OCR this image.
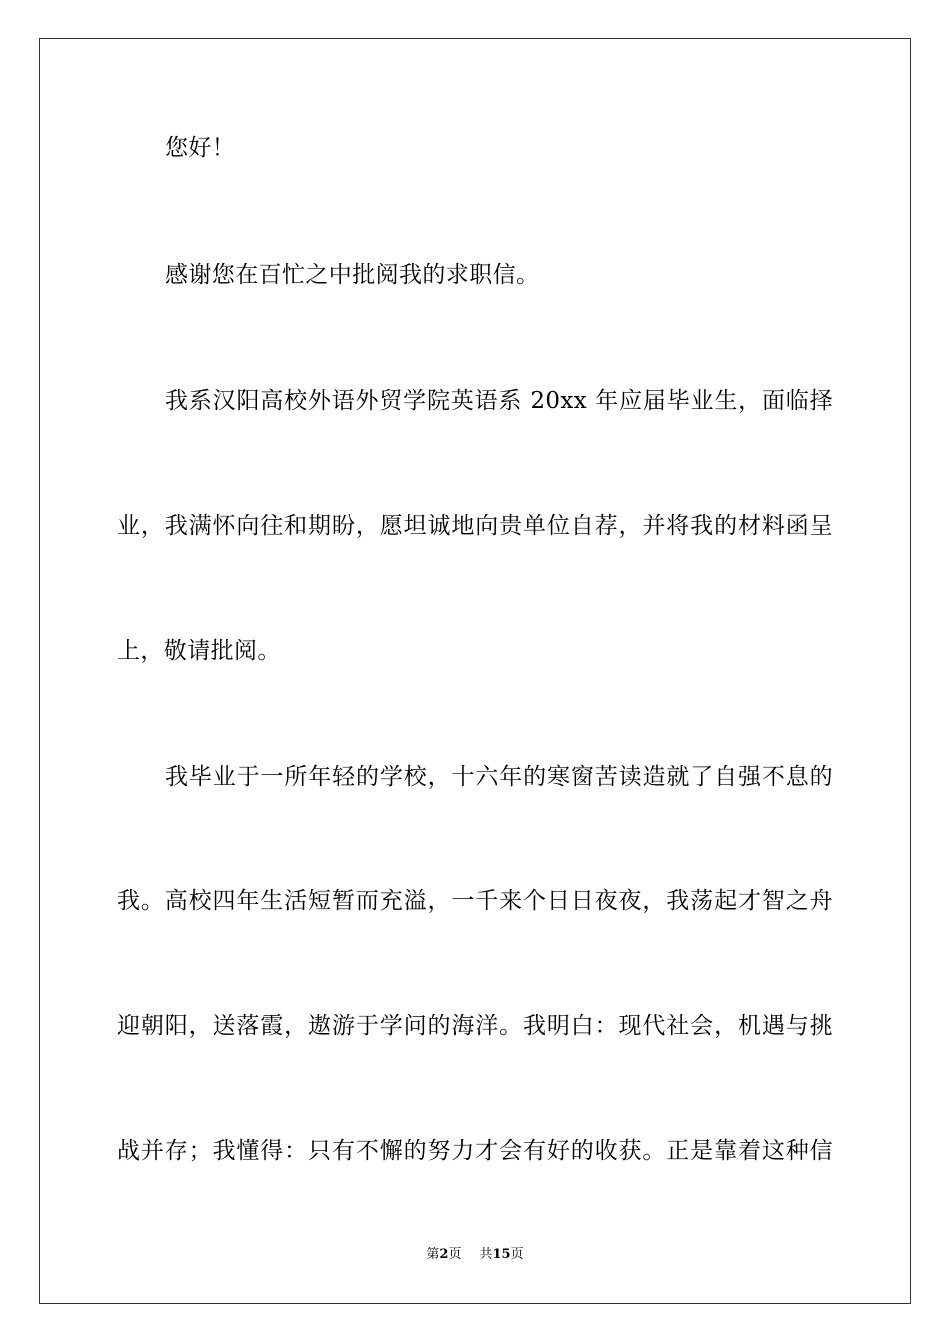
您好！
感谢您在百忙之中批阅我的求职信。
我系汉阳高校外语外贸学院英语系 20xx 年应届毕业生，面临择
业，我满怀向往和期盼，愿坦诚地向贵单位自荐，并将我的材料函呈
上，敬请批阅。
我毕业于一所年轻的学校，十六年的寒窗苦读造就了自强不息的
我。高校四年生活短暂而充溢，一千来个日日夜夜，我荡起才智之舟
迎朝阳，送落霞，遨游于学问的海洋。我明白：现代社会，机遇与挑
战并存；我懂得：只有不懈的努力才会有好的收获。正是靠着这种信
第2页 共15页
